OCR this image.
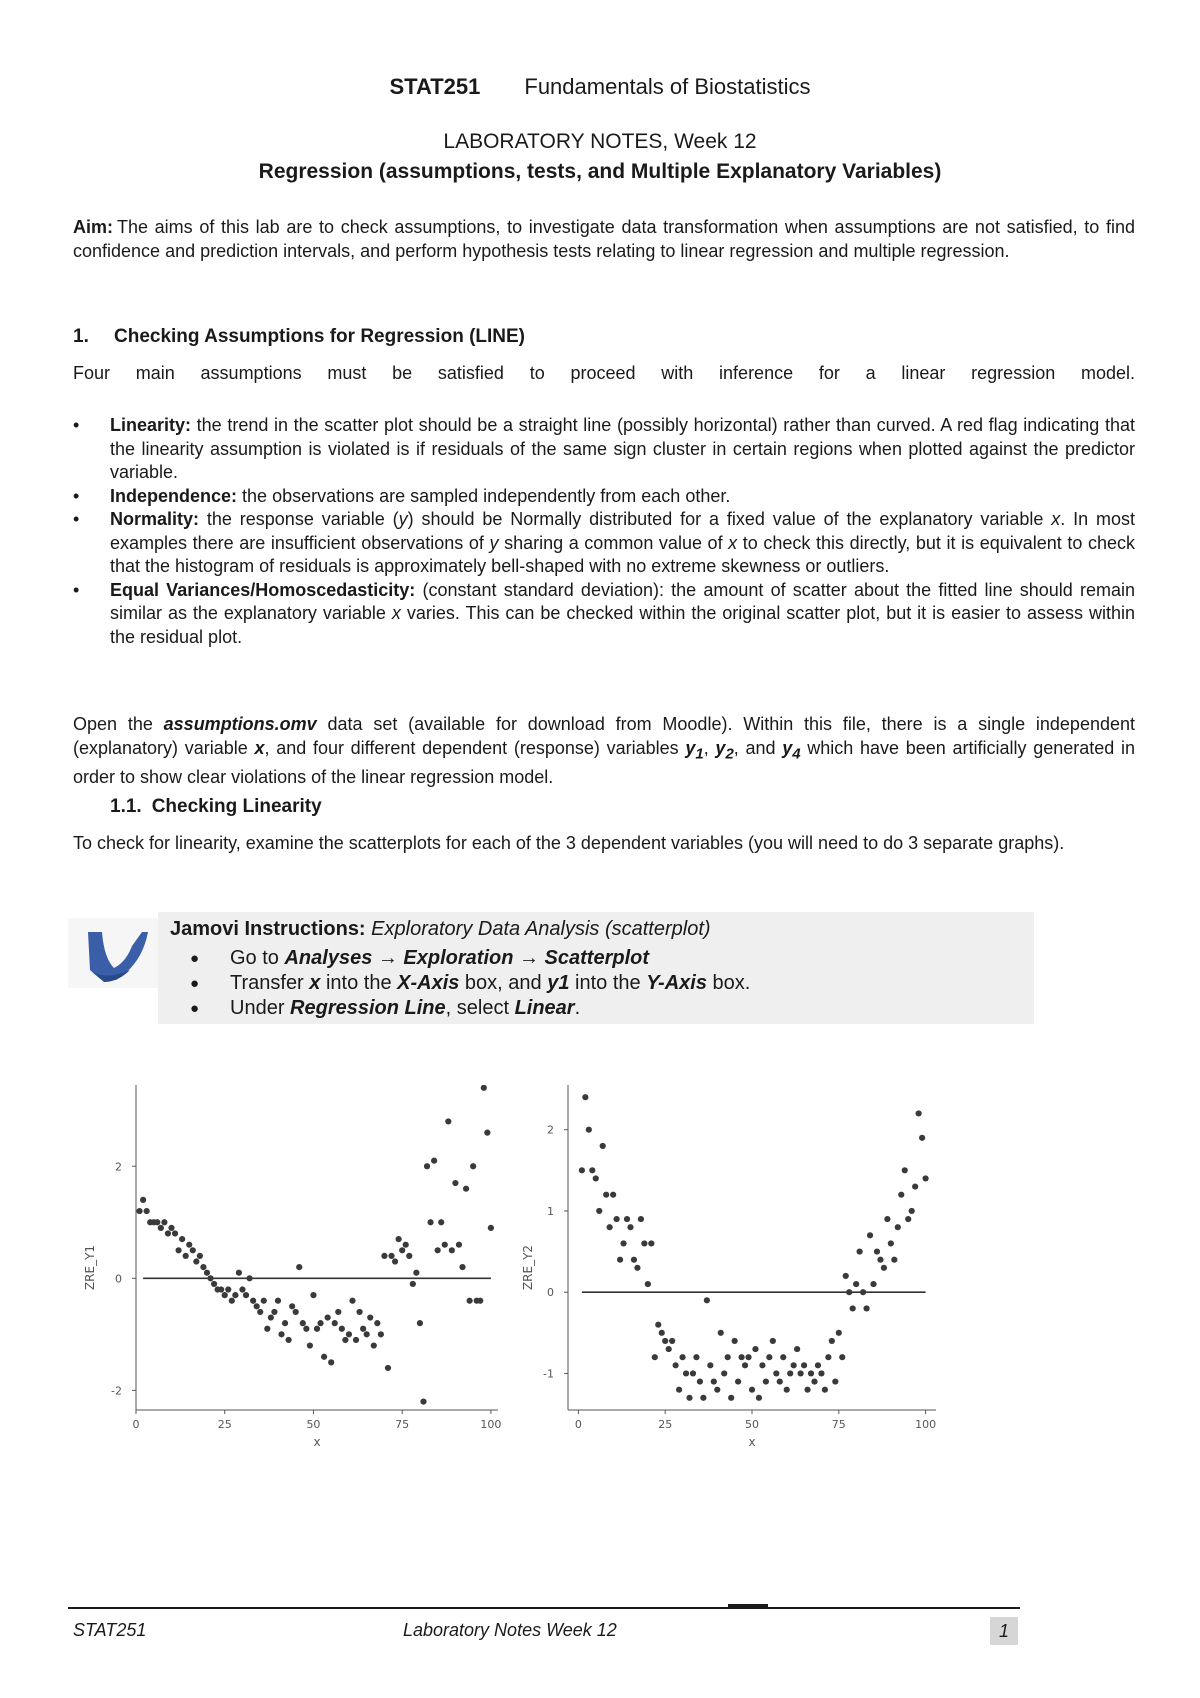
STAT251 Fundamentals of Biostatistics
LABORATORY NOTES, Week 12
Regression (assumptions, tests, and Multiple Explanatory Variables)
Aim: The aims of this lab are to check assumptions, to investigate data transformation when assumptions are not satisfied, to find confidence and prediction intervals, and perform hypothesis tests relating to linear regression and multiple regression.
1. Checking Assumptions for Regression (LINE)
Four main assumptions must be satisfied to proceed with inference for a linear regression model.
• Linearity: the trend in the scatter plot should be a straight line (possibly horizontal) rather than curved. A red flag indicating that the linearity assumption is violated is if residuals of the same sign cluster in certain regions when plotted against the predictor variable.
• Independence: the observations are sampled independently from each other.
• Normality: the response variable (y) should be Normally distributed for a fixed value of the explanatory variable x. In most examples there are insufficient observations of y sharing a common value of x to check this directly, but it is equivalent to check that the histogram of residuals is approximately bell-shaped with no extreme skewness or outliers.
• Equal Variances/Homoscedasticity: (constant standard deviation): the amount of scatter about the fitted line should remain similar as the explanatory variable x varies. This can be checked within the original scatter plot, but it is easier to assess within the residual plot.
Open the assumptions.omv data set (available for download from Moodle). Within this file, there is a single independent (explanatory) variable x, and four different dependent (response) variables $y_1$, $y_2$, and $y_4$ which have been artificially generated in order to show clear violations of the linear regression model.
1.1. Checking Linearity
To check for linearity, examine the scatterplots for each of the 3 dependent variables (you will need to do 3 separate graphs).
Jamovi Instructions: Exploratory Data Analysis (scatterplot)
● Go to Analyses → Exploration → Scatterplot
● Transfer x into the X-Axis box, and y1 into the Y-Axis box.
● Under Regression Line, select Linear.
0	25	50	75	100
2
0
-2
x
ZRE_Y1
0	25	50	75	100
2
1
0
-1
x
ZRE_Y2
STAT251	Laboratory Notes Week 12	1
